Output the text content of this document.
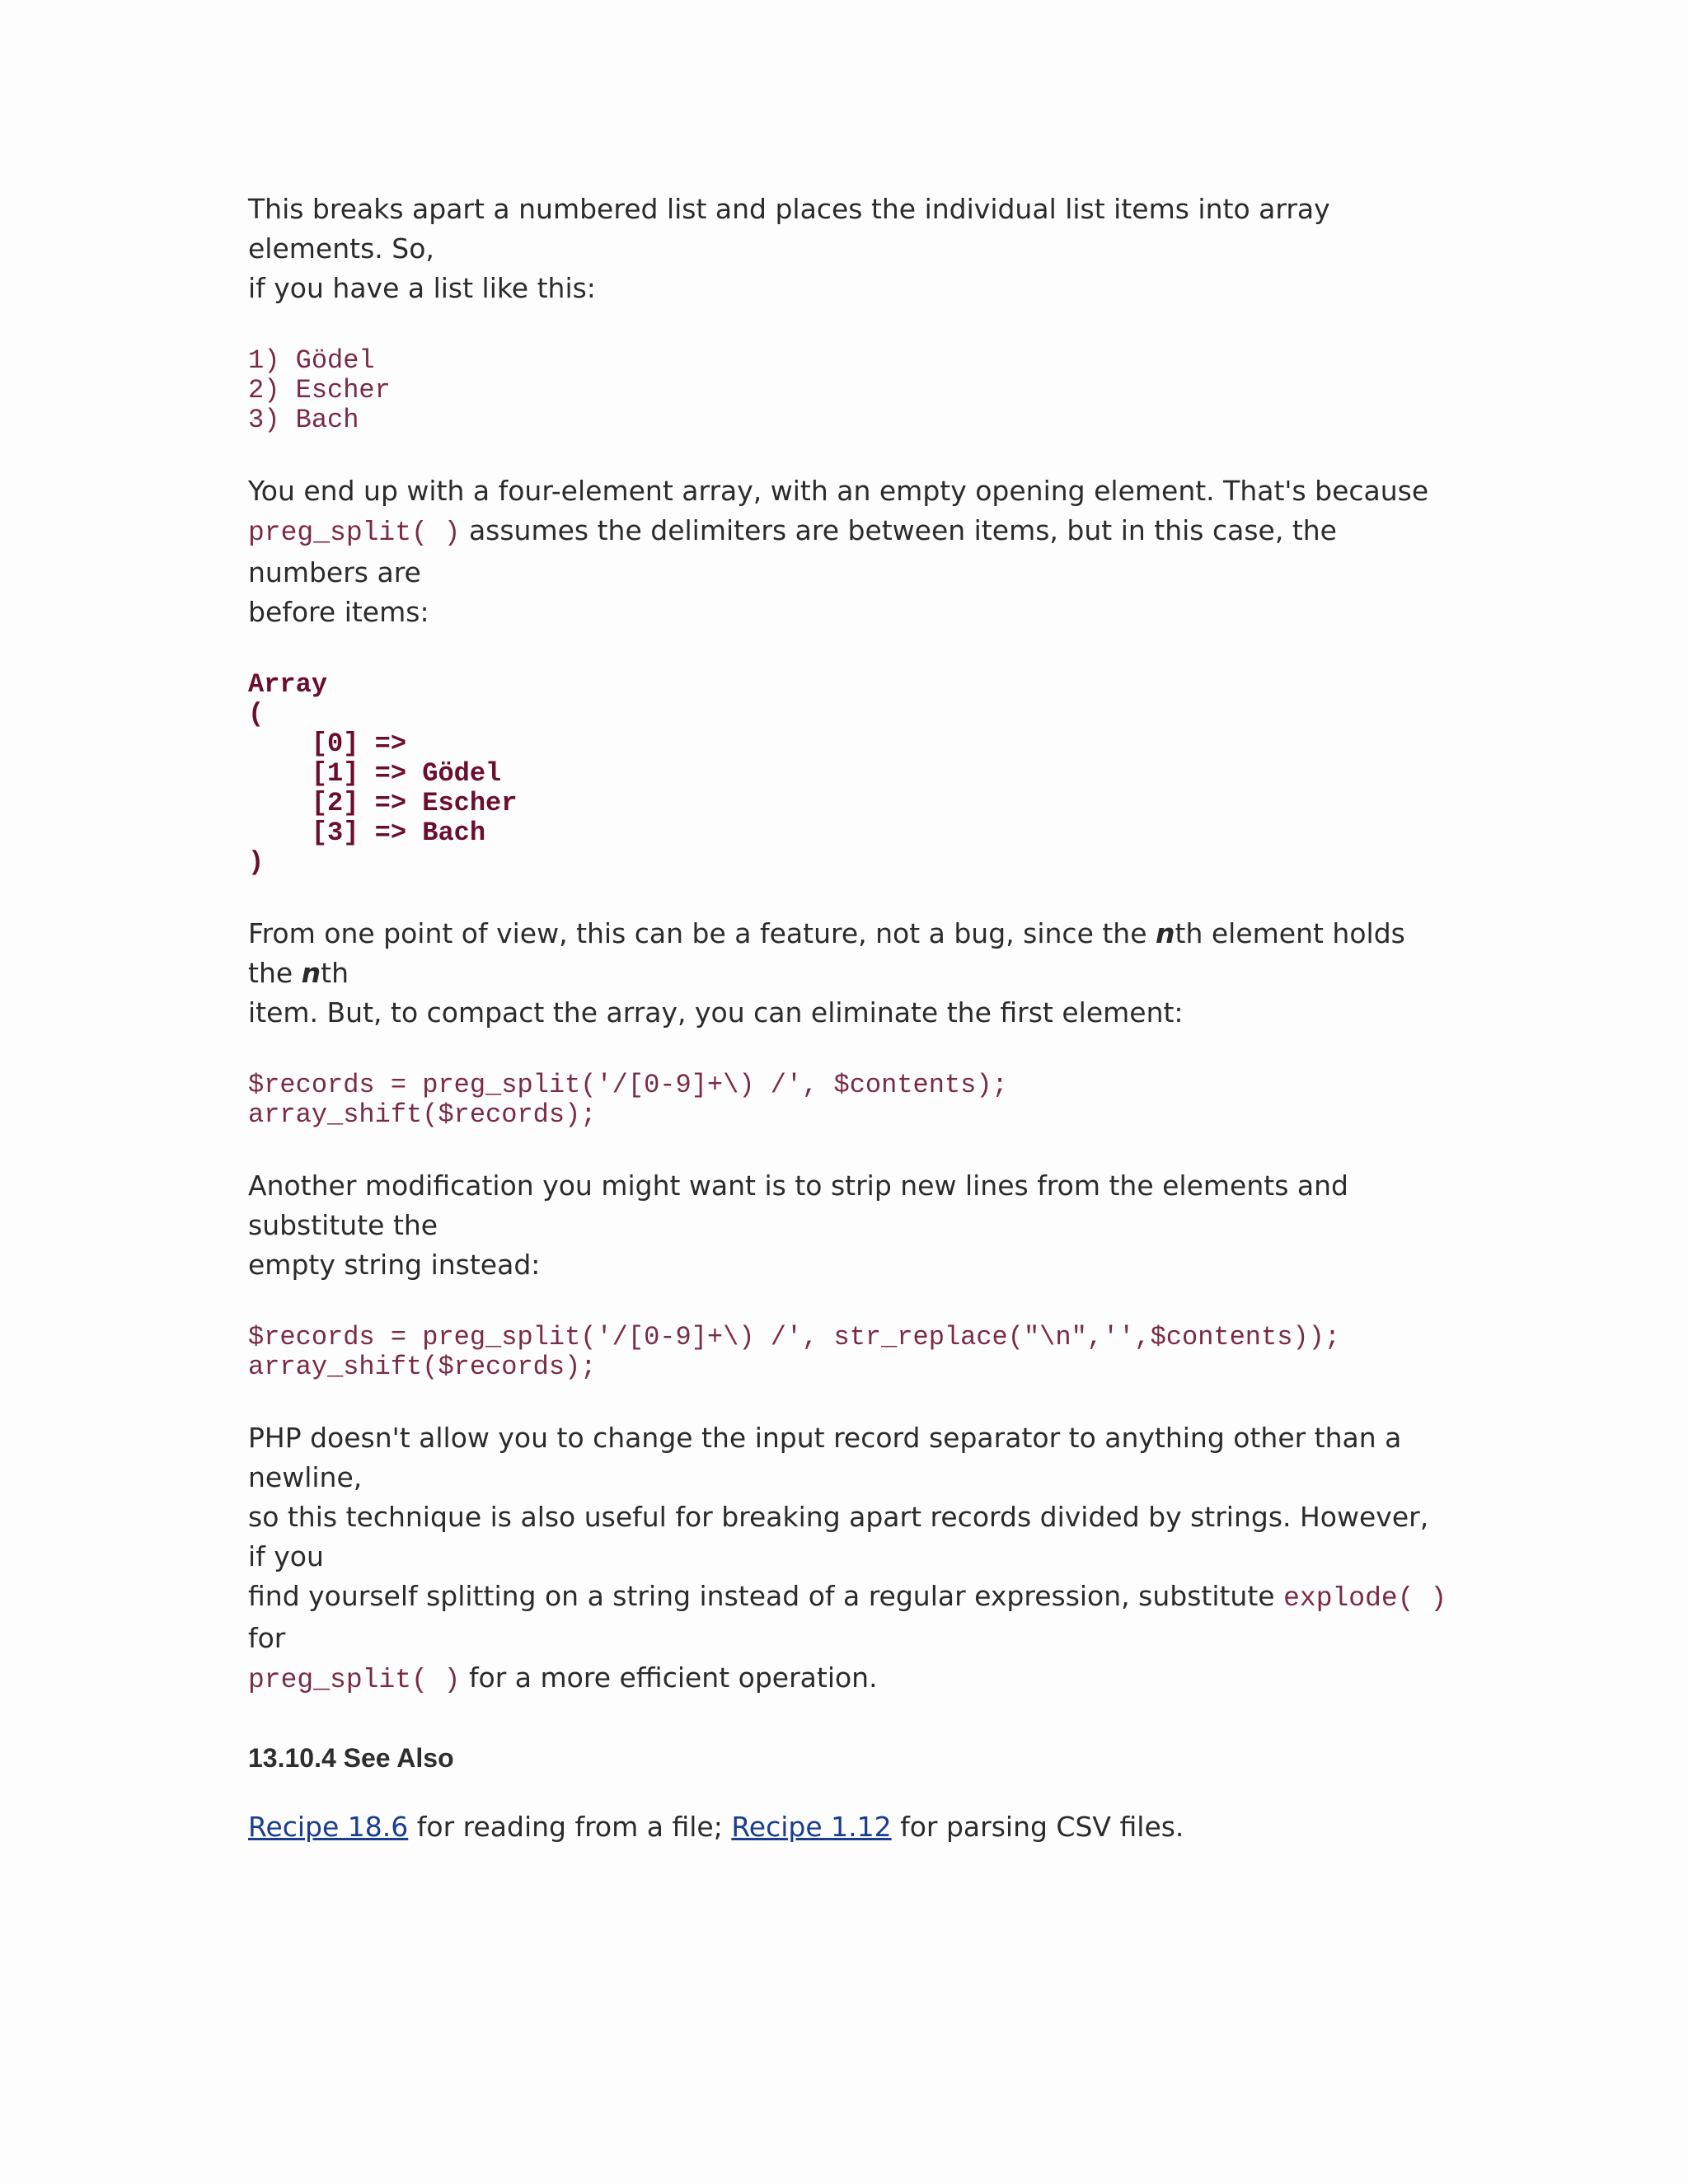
This breaks apart a numbered list and places the individual list items into array elements. So,
if you have a list like this:

1) Gödel
2) Escher
3) Bach

You end up with a four-element array, with an empty opening element. That's because
preg_split( ) assumes the delimiters are between items, but in this case, the numbers are
before items:

Array
(
[0] =>
[1] => Gödel
[2] => Escher
[3] => Bach
)

From one point of view, this can be a feature, not a bug, since the nth element holds the nth
item. But, to compact the array, you can eliminate the first element:

$records = preg_split('/[0-9]+\) /', $contents);
array_shift($records);

Another modification you might want is to strip new lines from the elements and substitute the
empty string instead:

$records = preg_split('/[0-9]+\) /', str_replace("\n",'',$contents));
array_shift($records);

PHP doesn't allow you to change the input record separator to anything other than a newline,
so this technique is also useful for breaking apart records divided by strings. However, if you
find yourself splitting on a string instead of a regular expression, substitute explode( ) for
preg_split( ) for a more efficient operation.

13.10.4 See Also

Recipe 18.6 for reading from a file; Recipe 1.12 for parsing CSV files.
